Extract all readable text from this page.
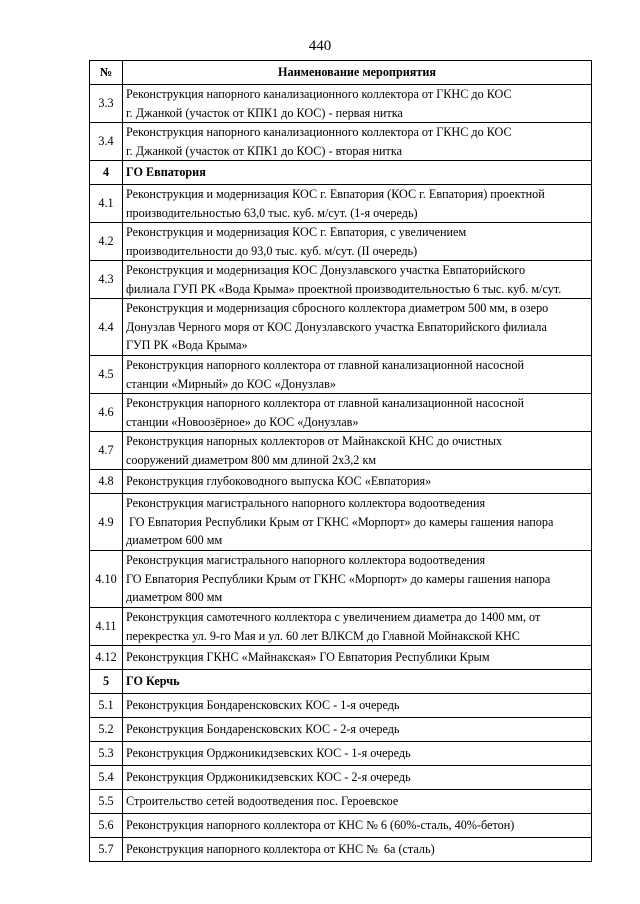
440
№	Наименование мероприятия
3.3	Реконструкция напорного канализационного коллектора от ГКНС до КОС
г. Джанкой (участок от КПК1 до КОС) - первая нитка

3.4	Реконструкция напорного канализационного коллектора от ГКНС до КОС
г. Джанкой (участок от КПК1 до КОС) - вторая нитка

4	ГО Евпатория

4.1	Реконструкция и модернизация КОС г. Евпатория (КОС г. Евпатория) проектной
производительностью 63,0 тыс. куб. м/сут. (1-я очередь)

4.2	Реконструкция и модернизация КОС г. Евпатория, с увеличением
производительности до 93,0 тыс. куб. м/сут. (II очередь)

4.3	Реконструкция и модернизация КОС Донузлавского участка Евпаторийского
филиала ГУП РК «Вода Крыма» проектной производительностью 6 тыс. куб. м/сут.

4.4	Реконструкция и модернизация сбросного коллектора диаметром 500 мм, в озеро
Донузлав Черного моря от КОС Донузлавского участка Евпаторийского филиала
ГУП РК «Вода Крыма»

4.5	Реконструкция напорного коллектора от главной канализационной насосной
станции «Мирный» до КОС «Донузлав»

4.6	Реконструкция напорного коллектора от главной канализационной насосной
станции «Новоозёрное» до КОС «Донузлав»

4.7	Реконструкция напорных коллекторов от Майнакской КНС до очистных
сооружений диаметром 800 мм длиной 2х3,2 км

4.8	Реконструкция глубоководного выпуска КОС «Евпатория»

4.9	Реконструкция магистрального напорного коллектора водоотведения
ГО Евпатория Республики Крым от ГКНС «Морпорт» до камеры гашения напора
диаметром 600 мм

4.10	Реконструкция магистрального напорного коллектора водоотведения
ГО Евпатория Республики Крым от ГКНС «Морпорт» до камеры гашения напора
диаметром 800 мм

4.11	Реконструкция самотечного коллектора с увеличением диаметра до 1400 мм, от
перекрестка ул. 9-го Мая и ул. 60 лет ВЛКСМ до Главной Мойнакской КНС

4.12	Реконструкция ГКНС «Майнакская» ГО Евпатория Республики Крым

5	ГО Керчь

5.1	Реконструкция Бондаренсковских КОС - 1-я очередь

5.2	Реконструкция Бондаренсковских КОС - 2-я очередь

5.3	Реконструкция Орджоникидзевских КОС - 1-я очередь

5.4	Реконструкция Орджоникидзевских КОС - 2-я очередь

5.5	Строительство сетей водоотведения пос. Героевское

5.6	Реконструкция напорного коллектора от КНС № 6 (60%-сталь, 40%-бетон)

5.7	Реконструкция напорного коллектора от КНС №  6а (сталь)
